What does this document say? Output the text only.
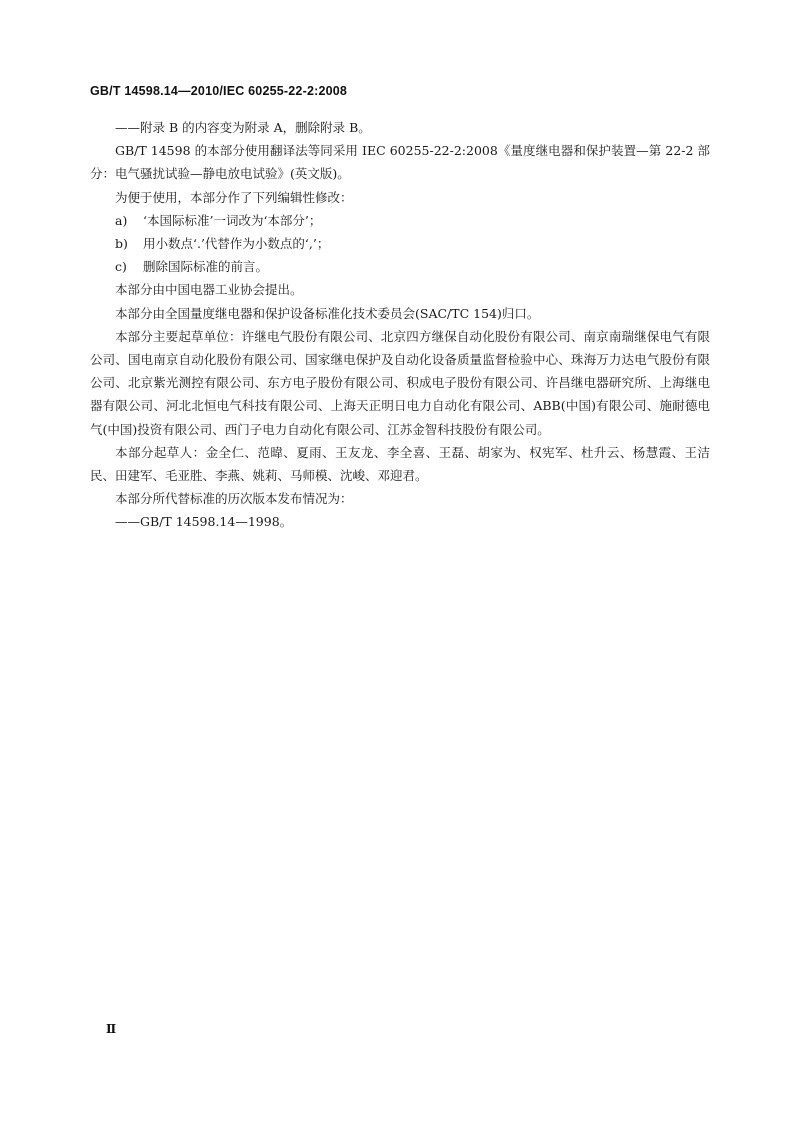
GB/T 14598.14—2010/IEC 60255-22-2:2008

——附录 B 的内容变为附录 A，删除附录 B。

GB/T 14598 的本部分使用翻译法等同采用 IEC 60255-22-2:2008《量度继电器和保护装置—第 22-2 部分：电气骚扰试验—静电放电试验》(英文版)。

为便于使用，本部分作了下列编辑性修改：

a)	‘本国际标准’一词改为‘本部分’；
b)	用小数点‘.’代替作为小数点的‘,’；
c)	删除国际标准的前言。

本部分由中国电器工业协会提出。

本部分由全国量度继电器和保护设备标准化技术委员会(SAC/TC 154)归口。

本部分主要起草单位：许继电气股份有限公司、北京四方继保自动化股份有限公司、南京南瑞继保电气有限公司、国电南京自动化股份有限公司、国家继电保护及自动化设备质量监督检验中心、珠海万力达电气股份有限公司、北京紫光测控有限公司、东方电子股份有限公司、积成电子股份有限公司、许昌继电器研究所、上海继电器有限公司、河北北恒电气科技有限公司、上海天正明日电力自动化有限公司、ABB(中国)有限公司、施耐德电气(中国)投资有限公司、西门子电力自动化有限公司、江苏金智科技股份有限公司。

本部分起草人：金全仁、范暐、夏雨、王友龙、李全喜、王磊、胡家为、权宪军、杜升云、杨慧霞、王洁民、田建军、毛亚胜、李燕、姚莉、马师模、沈峻、邓迎君。

本部分所代替标准的历次版本发布情况为：

——GB/T 14598.14—1998。

Ⅱ
